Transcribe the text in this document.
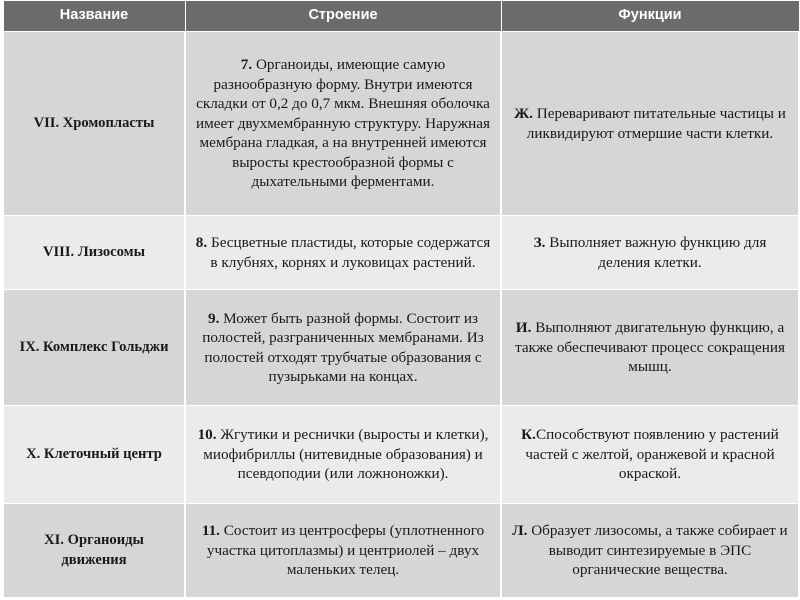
Название	Строение	Функции
VII. Хромопласты	7. Органоиды, имеющие самую разнообразную форму. Внутри имеются складки от 0,2 до 0,7 мкм. Внешняя оболочка имеет двухмембранную структуру. Наружная мембрана гладкая, а на внутренней имеются выросты крестообразной формы с дыхательными ферментами.	Ж. Переваривают питательные частицы и ликвидируют отмершие части клетки.
VIII. Лизосомы	8. Бесцветные пластиды, которые содержатся в клубнях, корнях и луковицах растений.	З. Выполняет важную функцию для деления клетки.
IX. Комплекс Гольджи	9. Может быть разной формы. Состоит из полостей, разграниченных мембранами. Из полостей отходят трубчатые образования с пузырьками на концах.	И. Выполняют двигательную функцию, а также обеспечивают процесс сокращения мышц.
X. Клеточный центр	10. Жгутики и реснички (выросты и клетки), миофибриллы (нитевидные образования) и псевдоподии (или ложноножки).	К.Способствуют появлению у растений частей с желтой, оранжевой и красной окраской.
XI. Органоиды движения	11. Состоит из центросферы (уплотненного участка цитоплазмы) и центриолей – двух маленьких телец.	Л. Образует лизосомы, а также собирает и выводит синтезируемые в ЭПС органические вещества.
